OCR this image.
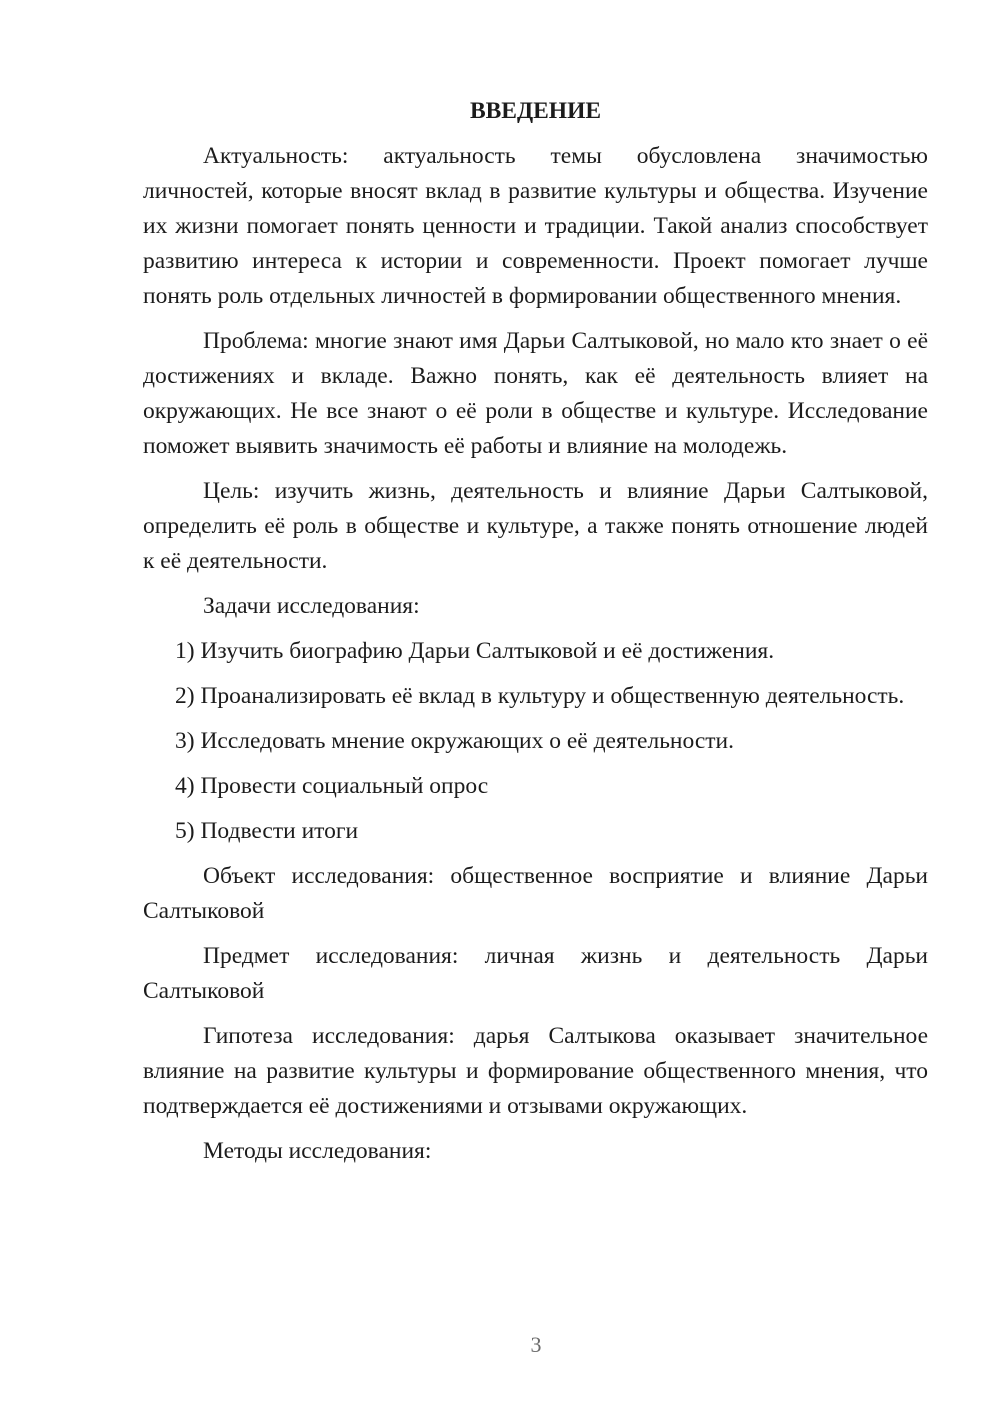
ВВЕДЕНИЕ

Актуальность: актуальность темы обусловлена значимостью личностей, которые вносят вклад в развитие культуры и общества. Изучение их жизни помогает понять ценности и традиции. Такой анализ способствует развитию интереса к истории и современности. Проект помогает лучше понять роль отдельных личностей в формировании общественного мнения.

Проблема: многие знают имя Дарьи Салтыковой, но мало кто знает о её достижениях и вкладе. Важно понять, как её деятельность влияет на окружающих. Не все знают о её роли в обществе и культуре. Исследование поможет выявить значимость её работы и влияние на молодежь.

Цель: изучить жизнь, деятельность и влияние Дарьи Салтыковой, определить её роль в обществе и культуре, а также понять отношение людей к её деятельности.

Задачи исследования:

1) Изучить биографию Дарьи Салтыковой и её достижения.

2) Проанализировать её вклад в культуру и общественную деятельность.

3) Исследовать мнение окружающих о её деятельности.

4) Провести социальный опрос

5) Подвести итоги

Объект исследования: общественное восприятие и влияние Дарьи Салтыковой

Предмет исследования: личная жизнь и деятельность Дарьи Салтыковой

Гипотеза исследования: дарья Салтыкова оказывает значительное влияние на развитие культуры и формирование общественного мнения, что подтверждается её достижениями и отзывами окружающих.

Методы исследования:

3
